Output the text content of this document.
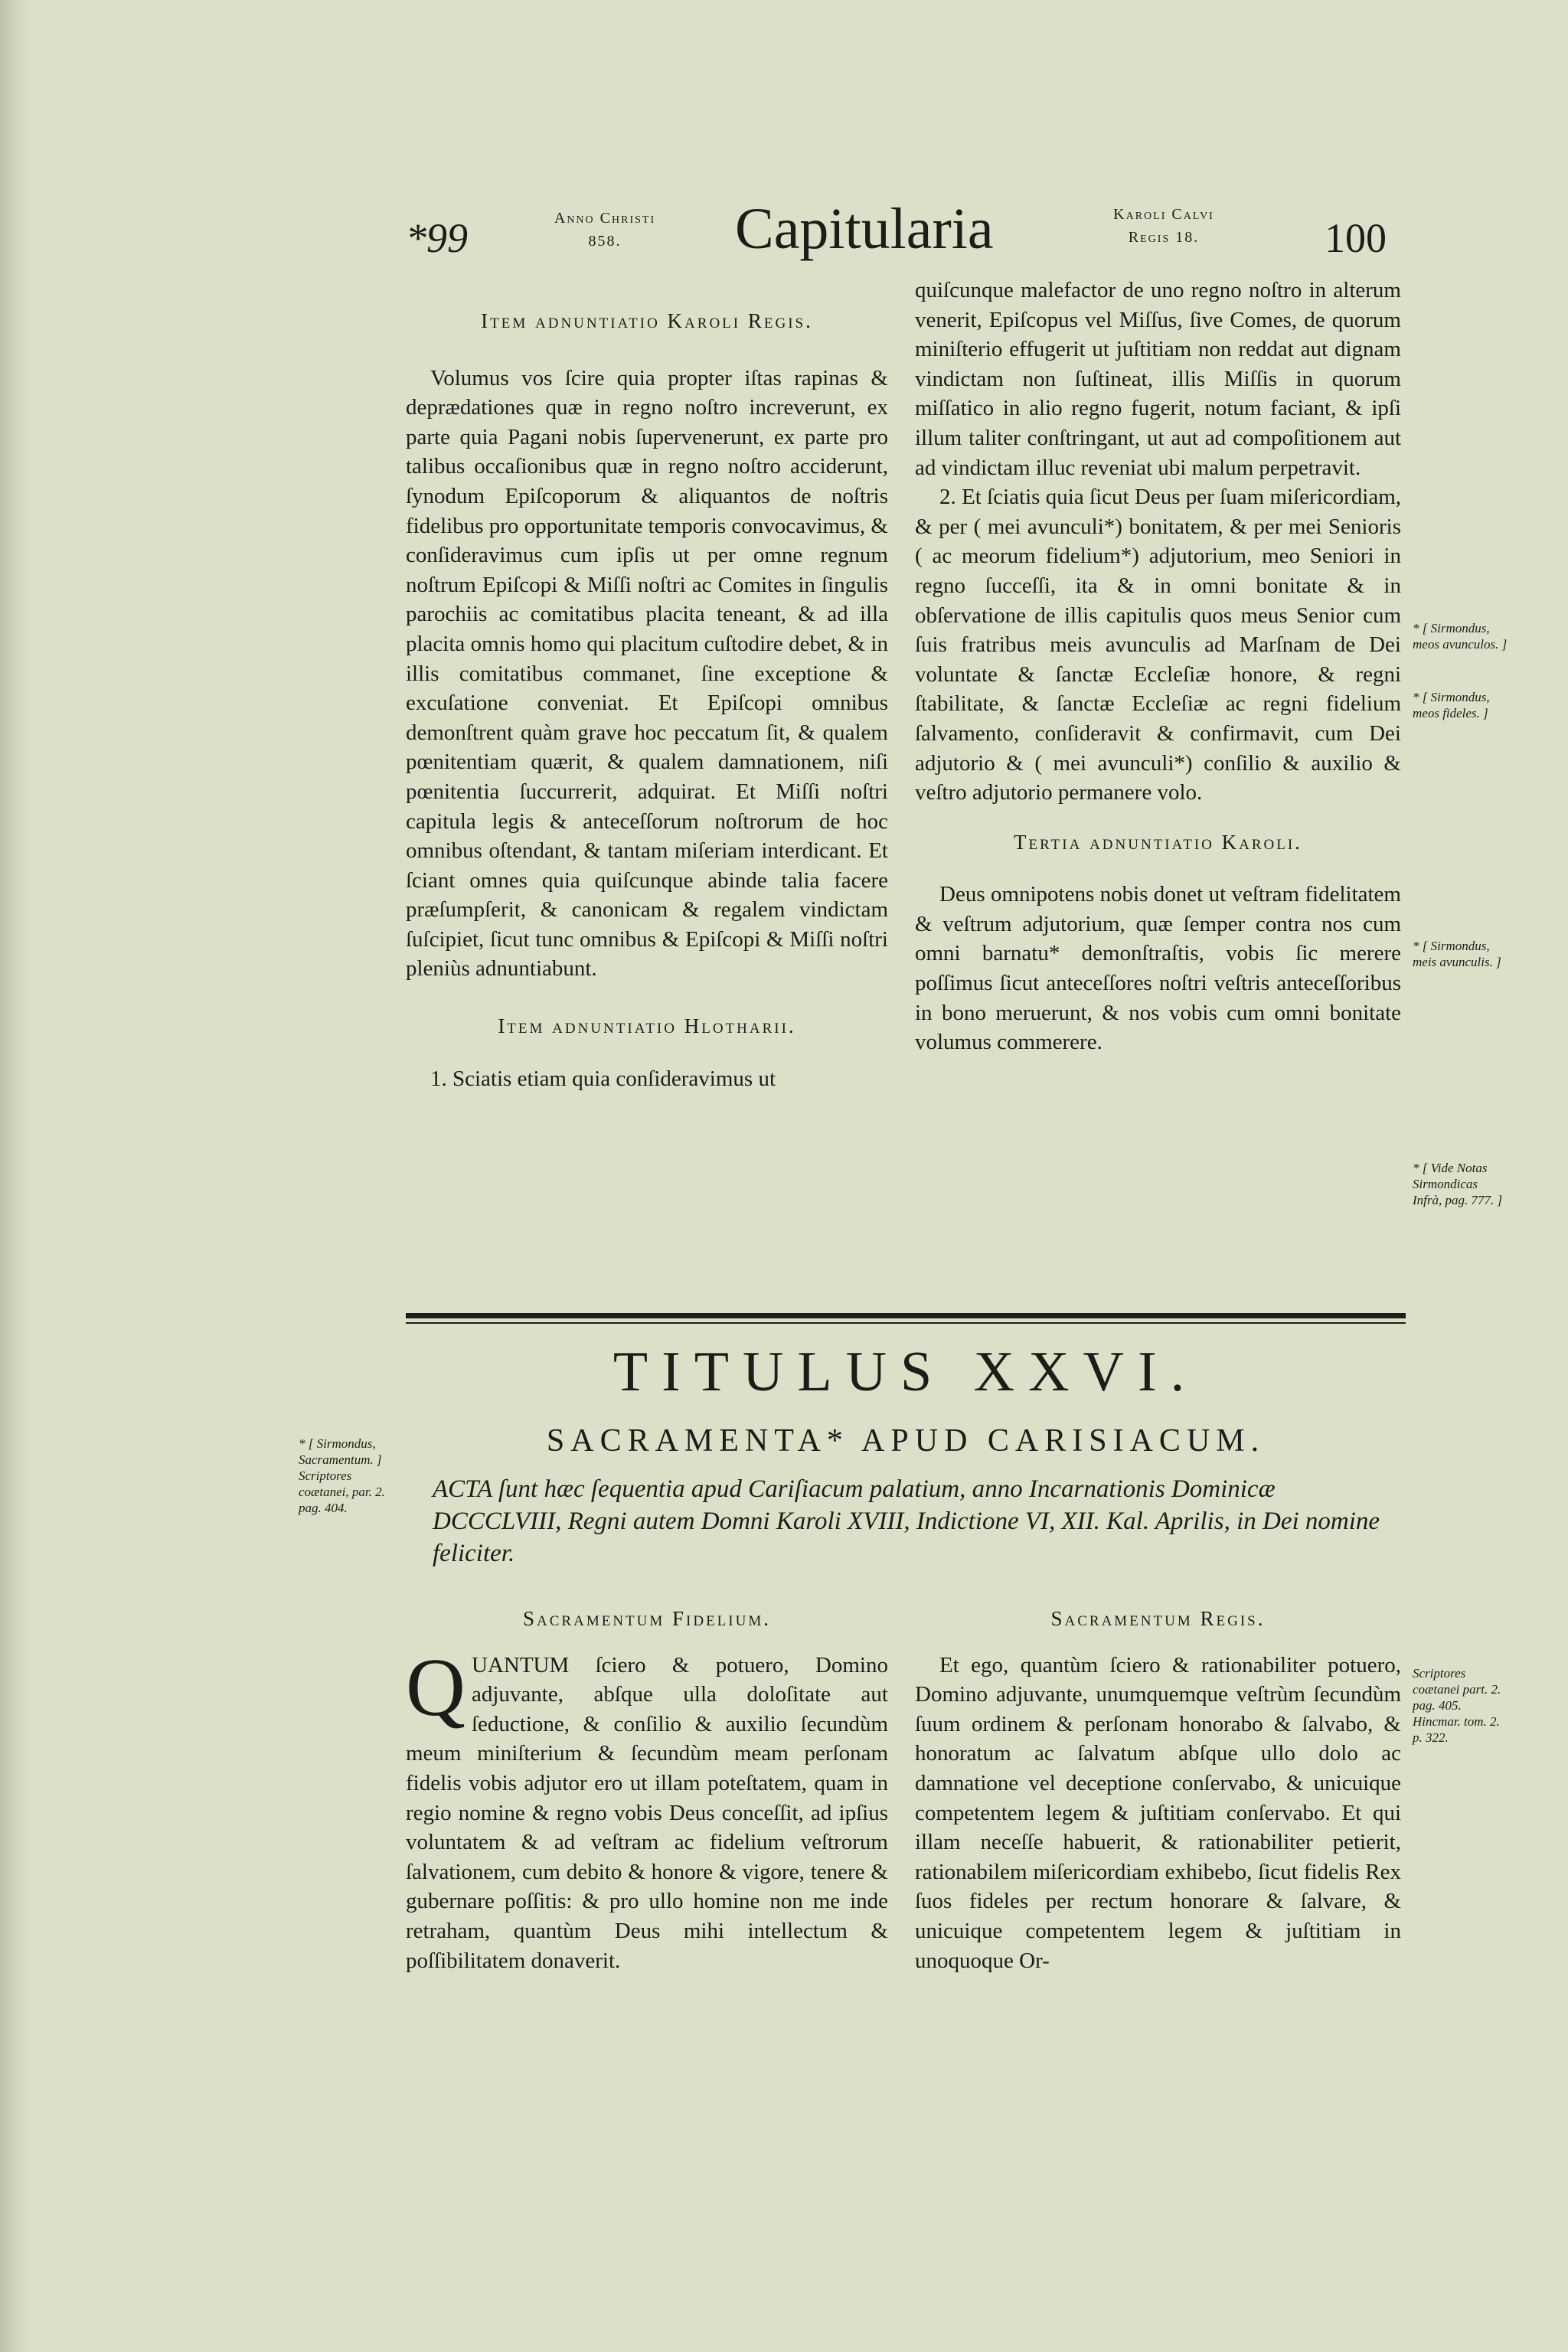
*99	Anno Christi
858.	Capitularia	Karoli Calvi
Regis 18.	100

Item adnuntiatio Karoli Regis.

Volumus vos ſcire quia propter iſtas rapinas & deprædationes quæ in regno noſtro increverunt, ex parte quia Pagani nobis ſupervenerunt, ex parte pro talibus occaſionibus quæ in regno noſtro acciderunt, ſynodum Epiſcoporum & aliquantos de noſtris fidelibus pro opportunitate temporis convocavimus, & conſideravimus cum ipſis ut per omne regnum noſtrum Epiſcopi & Miſſi noſtri ac Comites in ſingulis parochiis ac comitatibus placita teneant, & ad illa placita omnis homo qui placitum cuſtodire debet, & in illis comitatibus commanet, ſine exceptione & excuſatione conveniat. Et Epiſcopi omnibus demonſtrent quàm grave hoc peccatum ſit, & qualem pœnitentiam quærit, & qualem damnationem, niſi pœnitentia ſuccurrerit, adquirat. Et Miſſi noſtri capitula legis & anteceſſorum noſtrorum de hoc omnibus oſtendant, & tantam miſeriam interdicant. Et ſciant omnes quia quiſcunque abinde talia facere præſumpſerit, & canonicam & regalem vindictam ſuſcipiet, ſicut tunc omnibus & Epiſcopi & Miſſi noſtri pleniùs adnuntiabunt.

Item adnuntiatio Hlotharii.

1. Sciatis etiam quia conſideravimus ut

quiſcunque malefactor de uno regno noſtro in alterum venerit, Epiſcopus vel Miſſus, ſive Comes, de quorum miniſterio effugerit ut juſtitiam non reddat aut dignam vindictam non ſuſtineat, illis Miſſis in quorum miſſatico in alio regno fugerit, notum faciant, & ipſi illum taliter conſtringant, ut aut ad compoſitionem aut ad vindictam illuc reveniat ubi malum perpetravit.

2. Et ſciatis quia ſicut Deus per ſuam miſericordiam, & per ( mei avunculi*) bonitatem, & per mei Senioris ( ac meorum fidelium*) adjutorium, meo Seniori in regno ſucceſſi, ita & in omni bonitate & in obſervatione de illis capitulis quos meus Senior cum ſuis fratribus meis avunculis ad Marſnam de Dei voluntate & ſanctæ Eccleſiæ honore, & regni ſtabilitate, & ſanctæ Eccleſiæ ac regni fidelium ſalvamento, conſideravit & confirmavit, cum Dei adjutorio & ( mei avunculi*) conſilio & auxilio & veſtro adjutorio permanere volo.

Tertia adnuntiatio Karoli.

Deus omnipotens nobis donet ut veſtram fidelitatem & veſtrum adjutorium, quæ ſemper contra nos cum omni barnatu* demonſtraſtis, vobis ſic merere poſſimus ſicut anteceſſores noſtri veſtris anteceſſoribus in bono meruerunt, & nos vobis cum omni bonitate volumus commerere.

* [ Sirmondus, meos avunculos. ]
* [ Sirmondus, meos fideles. ]
* [ Sirmondus, meis avunculis. ]
* [ Vide Notas Sirmondicas Infrà, pag. 777. ]
* [ Sirmondus, Sacramentum. ] Scriptores coætanei, par. 2. pag. 404.
Scriptores coætanei part. 2. pag. 405. Hincmar. tom. 2. p. 322.
TITULUS XXVI.
SACRAMENTA* APUD CARISIACUM.
ACTA ſunt hæc ſequentia apud Cariſiacum palatium, anno Incarnationis Dominicæ DCCCLVIII, Regni autem Domni Karoli XVIII, Indictione VI, XII. Kal. Aprilis, in Dei nomine feliciter.

Sacramentum Fidelium.

Q UANTUM ſciero & potuero, Domino adjuvante, abſque ulla doloſitate aut ſeductione, & conſilio & auxilio ſecundùm meum miniſterium & ſecundùm meam perſonam fidelis vobis adjutor ero ut illam poteſtatem, quam in regio nomine & regno vobis Deus conceſſit, ad ipſius voluntatem & ad veſtram ac fidelium veſtrorum ſalvationem, cum debito & honore & vigore, tenere & gubernare poſſitis: & pro ullo homine non me inde retraham, quantùm Deus mihi intellectum & poſſibilitatem donaverit.

Sacramentum Regis.

Et ego, quantùm ſciero & rationabiliter potuero, Domino adjuvante, unumquemque veſtrùm ſecundùm ſuum ordinem & perſonam honorabo & ſalvabo, & honoratum ac ſalvatum abſque ullo dolo ac damnatione vel deceptione conſervabo, & unicuique competentem legem & juſtitiam conſervabo. Et qui illam neceſſe habuerit, & rationabiliter petierit, rationabilem miſericordiam exhibebo, ſicut fidelis Rex ſuos fideles per rectum honorare & ſalvare, & unicuique competentem legem & juſtitiam in unoquoque Or-
